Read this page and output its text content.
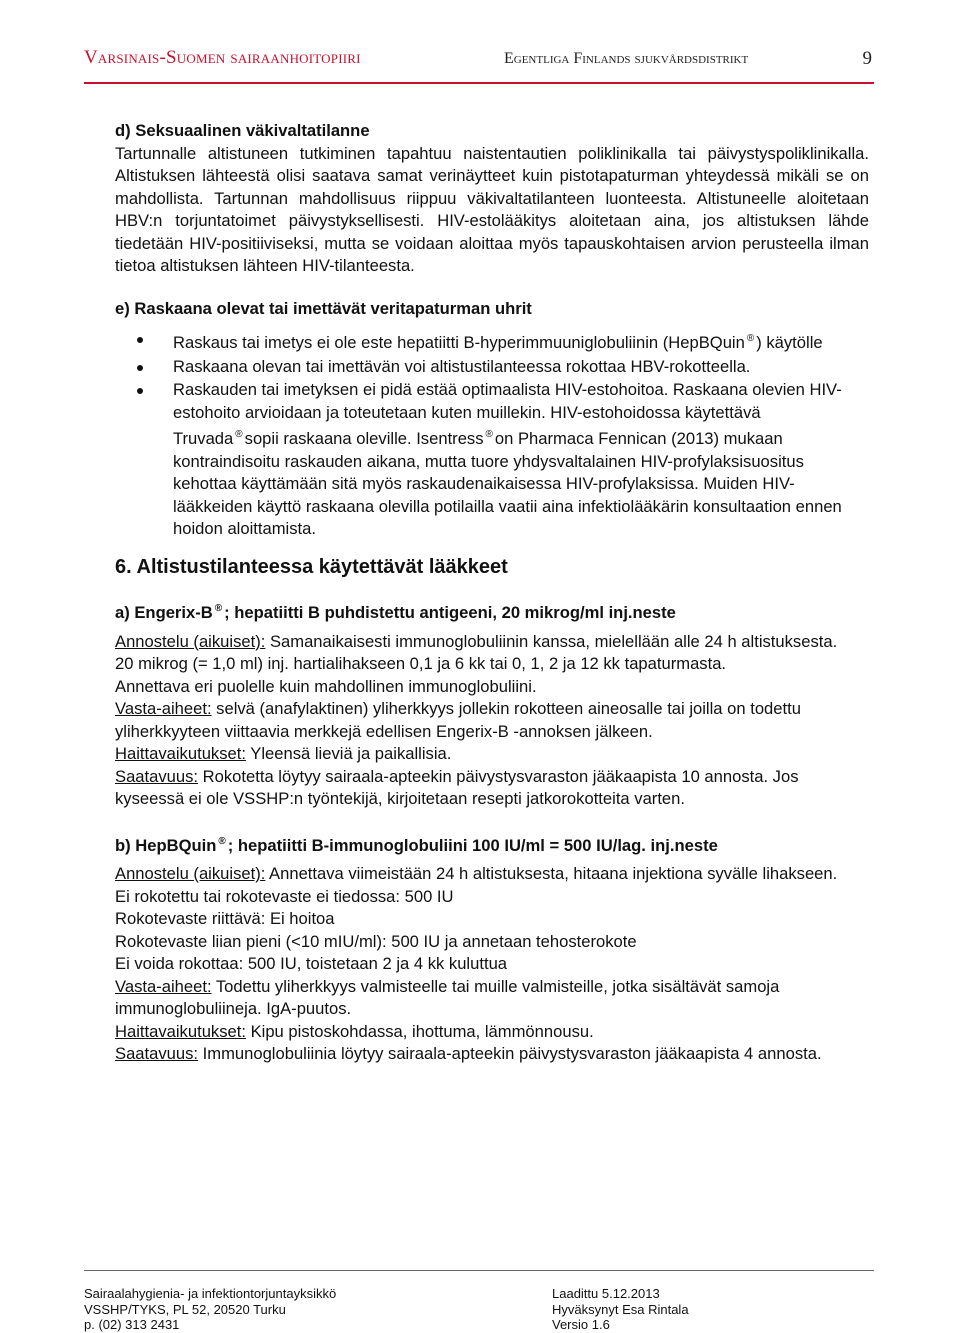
Varsinais-Suomen sairaanhoitopiiri	Egentliga Finlands sjukvårdsdistrikt	9

d) Seksuaalinen väkivaltatilanne

Tartunnalle altistuneen tutkiminen tapahtuu naistentautien poliklinikalla tai päivystyspoliklinikalla. Altistuksen lähteestä olisi saatava samat verinäytteet kuin pistotapaturman yhteydessä mikäli se on mahdollista. Tartunnan mahdollisuus riippuu väkivaltatilanteen luonteesta. Altistuneelle aloitetaan HBV:n torjuntatoimet päivystyksellisesti. HIV-estolääkitys aloitetaan aina, jos altistuksen lähde tiedetään HIV-positiiviseksi, mutta se voidaan aloittaa myös tapauskohtaisen arvion perusteella ilman tietoa altistuksen lähteen HIV-tilanteesta.

e) Raskaana olevat tai imettävät veritapaturman uhrit

Raskaus tai imetys ei ole este hepatiitti B-hyperimmuuniglobuliinin (HepBQuin ® ) käytölle
Raskaana olevan tai imettävän voi altistustilanteessa rokottaa HBV-rokotteella.
Raskauden tai imetyksen ei pidä estää optimaalista HIV-estohoitoa. Raskaana olevien HIV-estohoito arvioidaan ja toteutetaan kuten muillekin. HIV-estohoidossa käytettävä Truvada ® sopii raskaana oleville. Isentress ® on Pharmaca Fennican (2013) mukaan kontraindisoitu raskauden aikana, mutta tuore yhdysvaltalainen HIV-profylaksisuositus kehottaa käyttämään sitä myös raskaudenaikaisessa HIV-profylaksissa. Muiden HIV-lääkkeiden käyttö raskaana olevilla potilailla vaatii aina infektiolääkärin konsultaation ennen hoidon aloittamista.

6. Altistustilanteessa käytettävät lääkkeet

a) Engerix-B ® ; hepatiitti B puhdistettu antigeeni, 20 mikrog/ml inj.neste

Annostelu (aikuiset): Samanaikaisesti immunoglobuliinin kanssa, mielellään alle 24 h altistuksesta.

20 mikrog (= 1,0 ml) inj. hartialihakseen 0,1 ja 6 kk tai 0, 1, 2 ja 12 kk tapaturmasta.

Annettava eri puolelle kuin mahdollinen immunoglobuliini.

Vasta-aiheet: selvä (anafylaktinen) yliherkkyys jollekin rokotteen aineosalle tai joilla on todettu yliherkkyyteen viittaavia merkkejä edellisen Engerix-B -annoksen jälkeen.

Haittavaikutukset: Yleensä lieviä ja paikallisia.

Saatavuus: Rokotetta löytyy sairaala-apteekin päivystysvaraston jääkaapista 10 annosta. Jos kyseessä ei ole VSSHP:n työntekijä, kirjoitetaan resepti jatkorokotteita varten.

b) HepBQuin ® ; hepatiitti B-immunoglobuliini 100 IU/ml = 500 IU/lag. inj.neste

Annostelu (aikuiset): Annettava viimeistään 24 h altistuksesta, hitaana injektiona syvälle lihakseen.

Ei rokotettu tai rokotevaste ei tiedossa: 500 IU

Rokotevaste riittävä: Ei hoitoa

Rokotevaste liian pieni (<10 mIU/ml): 500 IU ja annetaan tehosterokote

Ei voida rokottaa: 500 IU, toistetaan 2 ja 4 kk kuluttua

Vasta-aiheet: Todettu yliherkkyys valmisteelle tai muille valmisteille, jotka sisältävät samoja immunoglobuliineja. IgA-puutos.

Haittavaikutukset: Kipu pistoskohdassa, ihottuma, lämmönnousu.

Saatavuus: Immunoglobuliinia löytyy sairaala-apteekin päivystysvaraston jääkaapista 4 annosta.

Sairaalahygienia- ja infektiontorjuntayksikkö
VSSHP/TYKS, PL 52, 20520 Turku
p. (02) 313 2431
Laadittu 5.12.2013
Hyväksynyt Esa Rintala
Versio 1.6
